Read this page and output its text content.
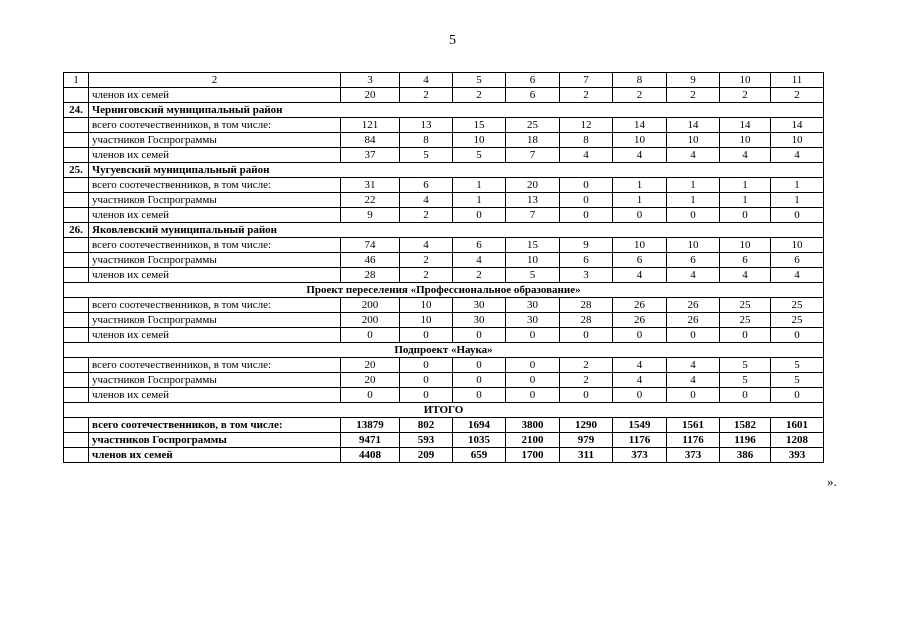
5
1	2	3	4	5	6	7	8	9	10	11
	членов их семей	20	2	2	6	2	2	2	2	2
24.	Черниговский муниципальный район									
	всего соотечественников, в том числе:	121	13	15	25	12	14	14	14	14
	участников Госпрограммы	84	8	10	18	8	10	10	10	10
	членов их семей	37	5	5	7	4	4	4	4	4
25.	Чугуевский муниципальный район									
	всего соотечественников, в том числе:	31	6	1	20	0	1	1	1	1
	участников Госпрограммы	22	4	1	13	0	1	1	1	1
	членов их семей	9	2	0	7	0	0	0	0	0
26.	Яковлевский муниципальный район									
	всего соотечественников, в том числе:	74	4	6	15	9	10	10	10	10
	участников Госпрограммы	46	2	4	10	6	6	6	6	6
	членов их семей	28	2	2	5	3	4	4	4	4
Проект переселения «Профессиональное образование»										
	всего соотечественников, в том числе:	200	10	30	30	28	26	26	25	25
	участников Госпрограммы	200	10	30	30	28	26	26	25	25
	членов их семей	0	0	0	0	0	0	0	0	0
Подпроект «Наука»										
	всего соотечественников, в том числе:	20	0	0	0	2	4	4	5	5
	участников Госпрограммы	20	0	0	0	2	4	4	5	5
	членов их семей	0	0	0	0	0	0	0	0	0
ИТОГО										
	всего соотечественников, в том числе:	13879	802	1694	3800	1290	1549	1561	1582	1601
	участников Госпрограммы	9471	593	1035	2100	979	1176	1176	1196	1208
	членов их семей	4408	209	659	1700	311	373	373	386	393
».
